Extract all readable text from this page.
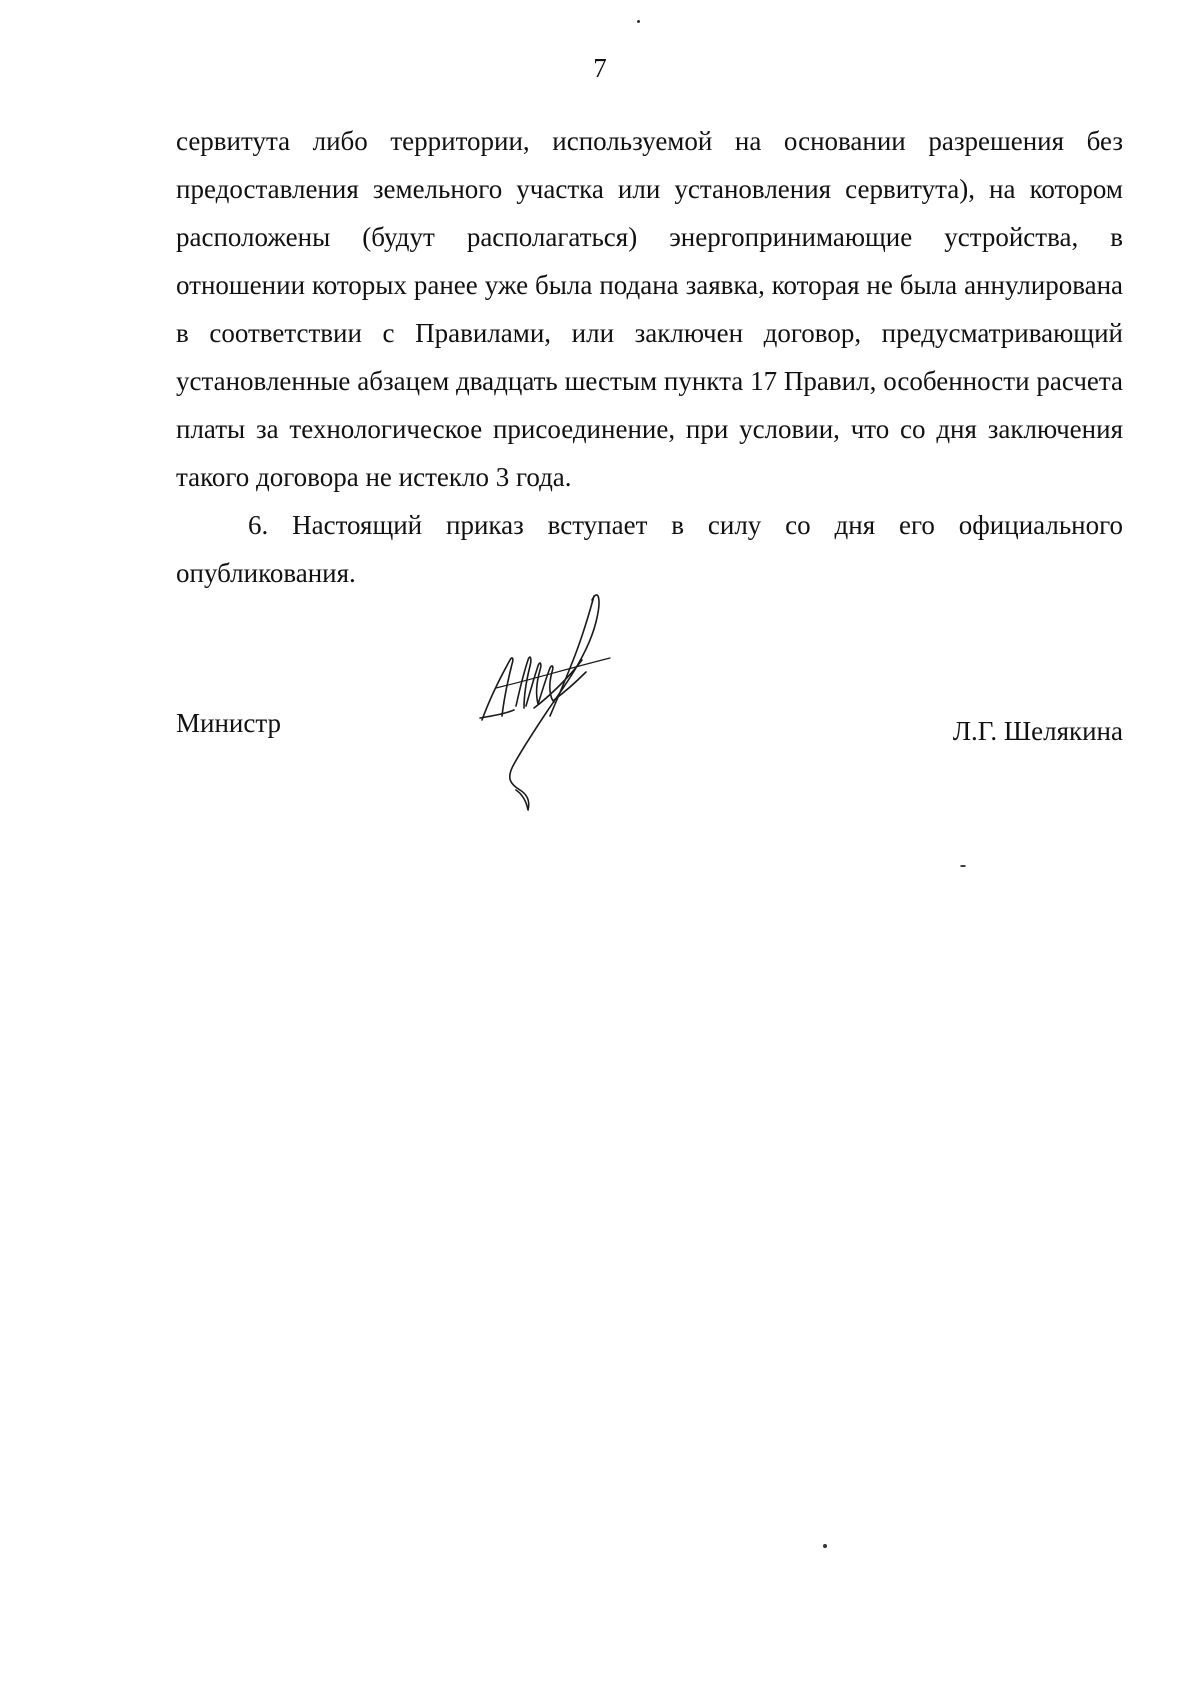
7

сервитута либо территории, используемой на основании разрешения без предоставления земельного участка или установления сервитута), на котором расположены (будут располагаться) энергопринимающие устройства, в отношении которых ранее уже была подана заявка, которая не была аннулирована в соответствии с Правилами, или заключен договор, предусматривающий установленные абзацем двадцать шестым пункта 17 Правил, особенности расчета платы за технологическое присоединение, при условии, что со дня заключения такого договора не истекло 3 года.

6. Настоящий приказ вступает в силу со дня его официального опубликования.

Министр	Л.Г. Шелякина
